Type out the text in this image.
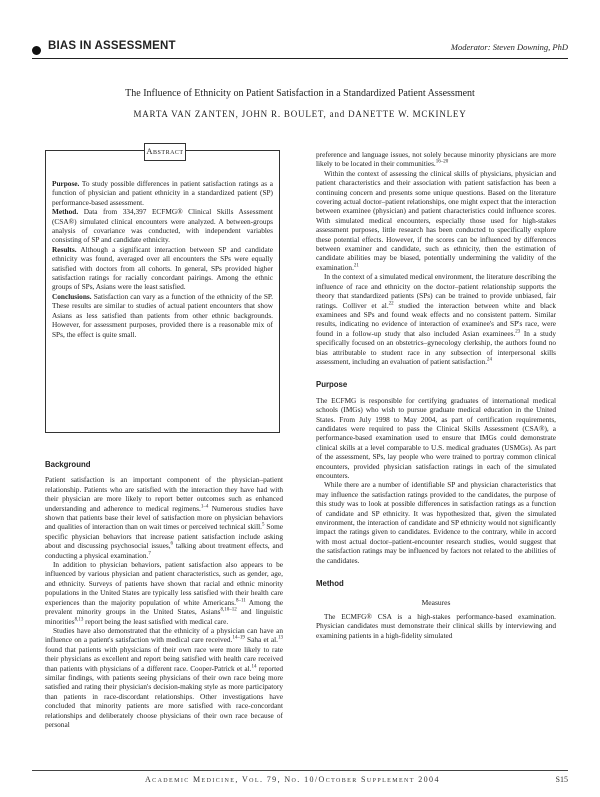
BIAS IN ASSESSMENT	Moderator: Steven Downing, PhD
The Influence of Ethnicity on Patient Satisfaction in a Standardized Patient Assessment
MARTA VAN ZANTEN, JOHN R. BOULET, and DANETTE W. MCKINLEY
Abstract

Purpose. To study possible differences in patient satisfaction ratings as a function of physician and patient ethnicity in a standardized patient (SP) performance-based assessment.

Method. Data from 334,397 ECFMG® Clinical Skills Assessment (CSA®) simulated clinical encounters were analyzed. A between-groups analysis of covariance was conducted, with independent variables consisting of SP and candidate ethnicity.

Results. Although a significant interaction between SP and candidate ethnicity was found, averaged over all encounters the SPs were equally satisfied with doctors from all cohorts. In general, SPs provided higher satisfaction ratings for racially concordant pairings. Among the ethnic groups of SPs, Asians were the least satisfied.

Conclusions. Satisfaction can vary as a function of the ethnicity of the SP. These results are similar to studies of actual patient encounters that show Asians as less satisfied than patients from other ethnic backgrounds. However, for assessment purposes, provided there is a reasonable mix of SPs, the effect is quite small.

Background

Patient satisfaction is an important component of the physician–patient relationship. Patients who are satisfied with the interaction they have had with their physician are more likely to report better outcomes such as enhanced understanding and adherence to medical regimens.$^{1-4}$ Numerous studies have shown that patients base their level of satisfaction more on physician behaviors and qualities of interaction than on wait times or perceived technical skill.$^5$ Some specific physician behaviors that increase patient satisfaction include asking about and discussing psychosocial issues,$^6$ talking about treatment effects, and conducting a physical examination.$^7$

In addition to physician behaviors, patient satisfaction also appears to be influenced by various physician and patient characteristics, such as gender, age, and ethnicity. Surveys of patients have shown that racial and ethnic minority populations in the United States are typically less satisfied with their health care experiences than the majority population of white Americans.$^{8-11}$ Among the prevalent minority groups in the United States, Asians$^{8,10-12}$ and linguistic minorities$^{8,13}$ report being the least satisfied with medical care.

Studies have also demonstrated that the ethnicity of a physician can have an influence on a patient's satisfaction with medical care received.$^{14-19}$ Saha et al.$^{13}$ found that patients with physicians of their own race were more likely to rate their physicians as excellent and report being satisfied with health care received than patients with physicians of a different race. Cooper-Patrick et al.$^{14}$ reported similar findings, with patients seeing physicians of their own race being more satisfied and rating their physician's decision-making style as more participatory than patients in race-discordant relationships. Other investigations have concluded that minority patients are more satisfied with race-concordant relationships and deliberately choose physicians of their own race because of personal

preference and language issues, not solely because minority physicians are more likely to be located in their communities.$^{16-20}$

Within the context of assessing the clinical skills of physicians, physician and patient characteristics and their association with patient satisfaction has been a continuing concern and presents some unique questions. Based on the literature covering actual doctor–patient relationships, one might expect that the interaction between examinee (physician) and patient characteristics could influence scores. With simulated medical encounters, especially those used for high-stakes assessment purposes, little research has been conducted to specifically explore these potential effects. However, if the scores can be influenced by differences between examiner and candidate, such as ethnicity, then the estimation of candidate abilities may be biased, potentially undermining the validity of the examination.$^{21}$

In the context of a simulated medical environment, the literature describing the influence of race and ethnicity on the doctor–patient relationship supports the theory that standardized patients (SPs) can be trained to provide unbiased, fair ratings. Colliver et al.$^{22}$ studied the interaction between white and black examinees and SPs and found weak effects and no consistent pattern. Similar results, indicating no evidence of interaction of examinee's and SP's race, were found in a follow-up study that also included Asian examinees.$^{23}$ In a study specifically focused on an obstetrics–gynecology clerkship, the authors found no bias attributable to student race in any subsection of interpersonal skills assessment, including an evaluation of patient satisfaction.$^{24}$

Purpose

The ECFMG is responsible for certifying graduates of international medical schools (IMGs) who wish to pursue graduate medical education in the United States. From July 1998 to May 2004, as part of certification requirements, candidates were required to pass the Clinical Skills Assessment (CSA®), a performance-based examination used to ensure that IMGs could demonstrate clinical skills at a level comparable to U.S. medical graduates (USMGs). As part of the assessment, SPs, lay people who were trained to portray common clinical encounters, provided physician satisfaction ratings in each of the simulated encounters.

While there are a number of identifiable SP and physician characteristics that may influence the satisfaction ratings provided to the candidates, the purpose of this study was to look at possible differences in satisfaction ratings as a function of candidate and SP ethnicity. It was hypothesized that, given the simulated environment, the interaction of candidate and SP ethnicity would not significantly impact the ratings given to candidates. Evidence to the contrary, while in accord with most actual doctor–patient-encounter research studies, would suggest that the satisfaction ratings may be influenced by factors not related to the abilities of the candidates.

Method
Measures

The ECMFG® CSA is a high-stakes performance-based examination. Physician candidates must demonstrate their clinical skills by interviewing and examining patients in a high-fidelity simulated

Academic Medicine, Vol. 79, No. 10/October Supplement 2004	S15
